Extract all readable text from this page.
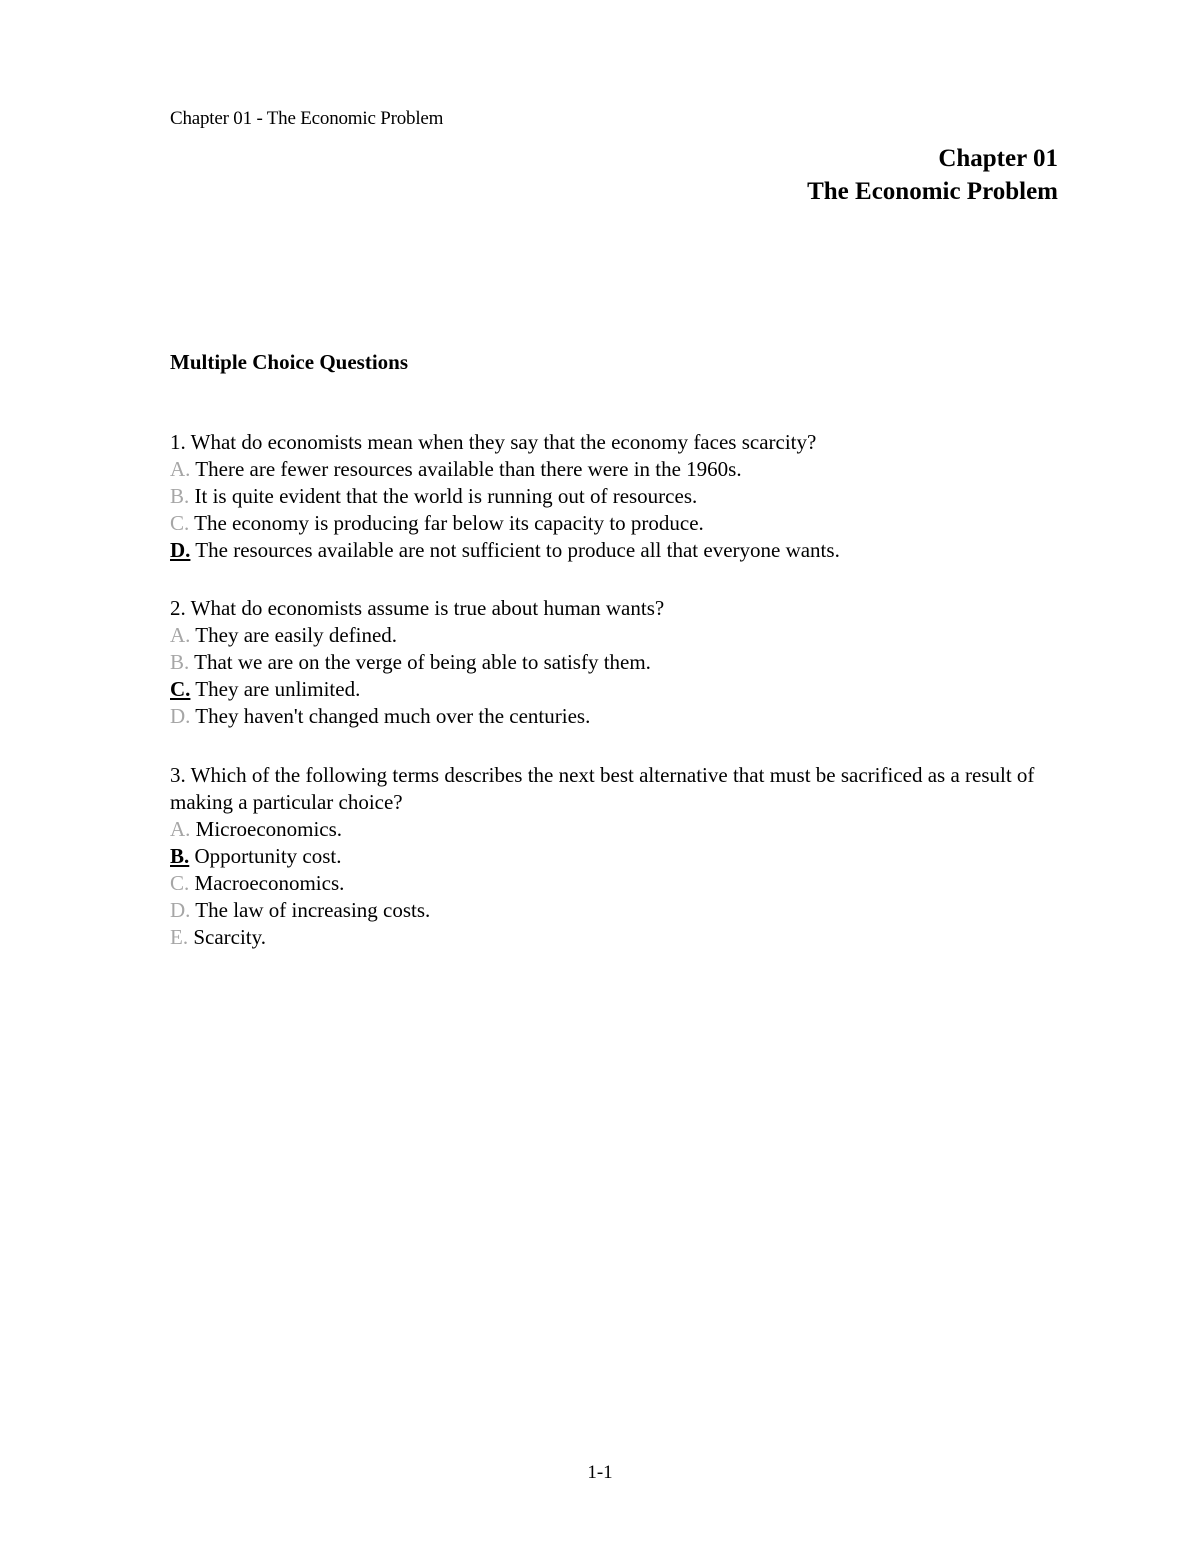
Chapter 01 - The Economic Problem
Chapter 01
The Economic Problem
Multiple Choice Questions

1. What do economists mean when they say that the economy faces scarcity?

A. There are fewer resources available than there were in the 1960s.
B. It is quite evident that the world is running out of resources.
C. The economy is producing far below its capacity to produce.
D. The resources available are not sufficient to produce all that everyone wants.

2. What do economists assume is true about human wants?

A. They are easily defined.
B. That we are on the verge of being able to satisfy them.
C. They are unlimited.
D. They haven't changed much over the centuries.

3. Which of the following terms describes the next best alternative that must be sacrificed as a result of making a particular choice?

A. Microeconomics.
B. Opportunity cost.
C. Macroeconomics.
D. The law of increasing costs.
E. Scarcity.
1-1
